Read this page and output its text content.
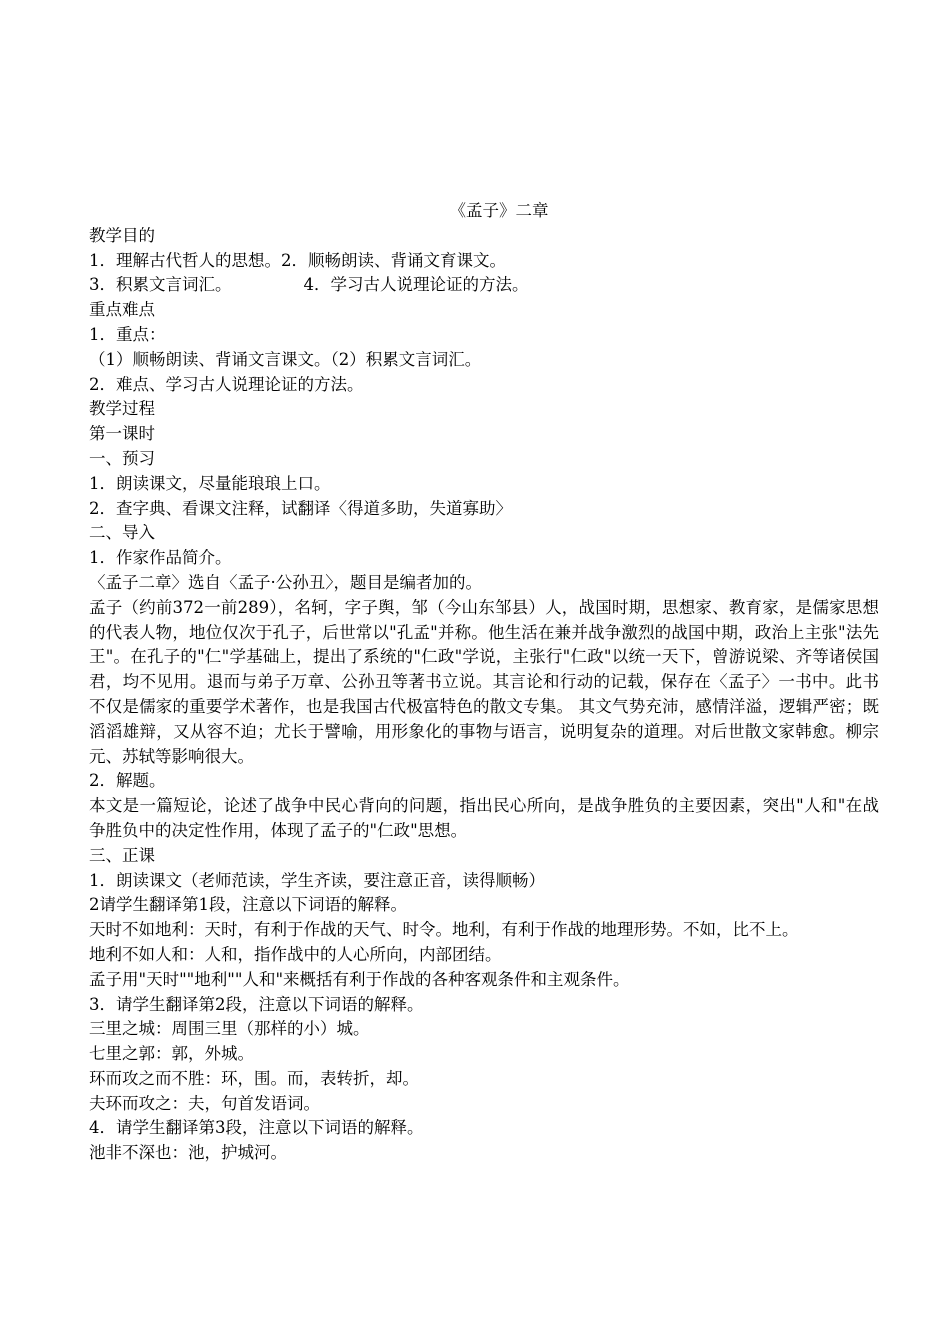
《孟子》二章
教学目的
1．理解古代哲人的思想。2．顺畅朗读、背诵文育课文。
3．积累文言词汇。	4．学习古人说理论证的方法。
重点难点
1．重点：
（1）顺畅朗读、背诵文言课文。（2）积累文言词汇。
2．难点、学习古人说理论证的方法。
教学过程
第一课时
一、预习
1．朗读课文，尽量能琅琅上口。
2．查字典、看课文注释，试翻译〈得道多助，失道寡助〉
二、导入
1．作家作品简介。
〈孟子二章〉选自〈孟子·公孙丑〉，题目是编者加的。
孟子（约前372一前289），名轲，字子舆，邹（今山东邹县）人，战国时期，思想家、教育家，是儒家思想的代表人物，地位仅次于孔子，后世常以"孔孟"并称。他生活在兼并战争激烈的战国中期，政治上主张"法先王"。在孔子的"仁"学基础上，提出了系统的"仁政"学说，主张行"仁政"以统一天下，曾游说梁、齐等诸侯国君，均不见用。退而与弟子万章、公孙丑等著书立说。其言论和行动的记载，保存在〈孟子〉一书中。此书不仅是儒家的重要学术著作，也是我国古代极富特色的散文专集。 其文气势充沛，感情洋溢，逻辑严密；既滔滔雄辩，又从容不迫；尤长于譬喻，用形象化的事物与语言，说明复杂的道理。对后世散文家韩愈。柳宗元、苏轼等影响很大。
2．解题。
本文是一篇短论，论述了战争中民心背向的问题，指出民心所向，是战争胜负的主要因素，突出"人和"在战争胜负中的决定性作用，体现了孟子的"仁政"思想。
三、正课
1．朗读课文（老师范读，学生齐读，要注意正音，读得顺畅）
2请学生翻译第1段，注意以下词语的解释。
天时不如地利：天时，有利于作战的天气、时令。地利，有利于作战的地理形势。不如，比不上。
地利不如人和：人和，指作战中的人心所向，内部团结。
孟子用"天时""地利""人和"来概括有利于作战的各种客观条件和主观条件。
3．请学生翻译第2段，注意以下词语的解释。
三里之城：周围三里（那样的小）城。
七里之郭：郭，外城。
环而攻之而不胜：环，围。而，表转折，却。
夫环而攻之：夫，句首发语词。
4．请学生翻译第3段，注意以下词语的解释。
池非不深也：池，护城河。
